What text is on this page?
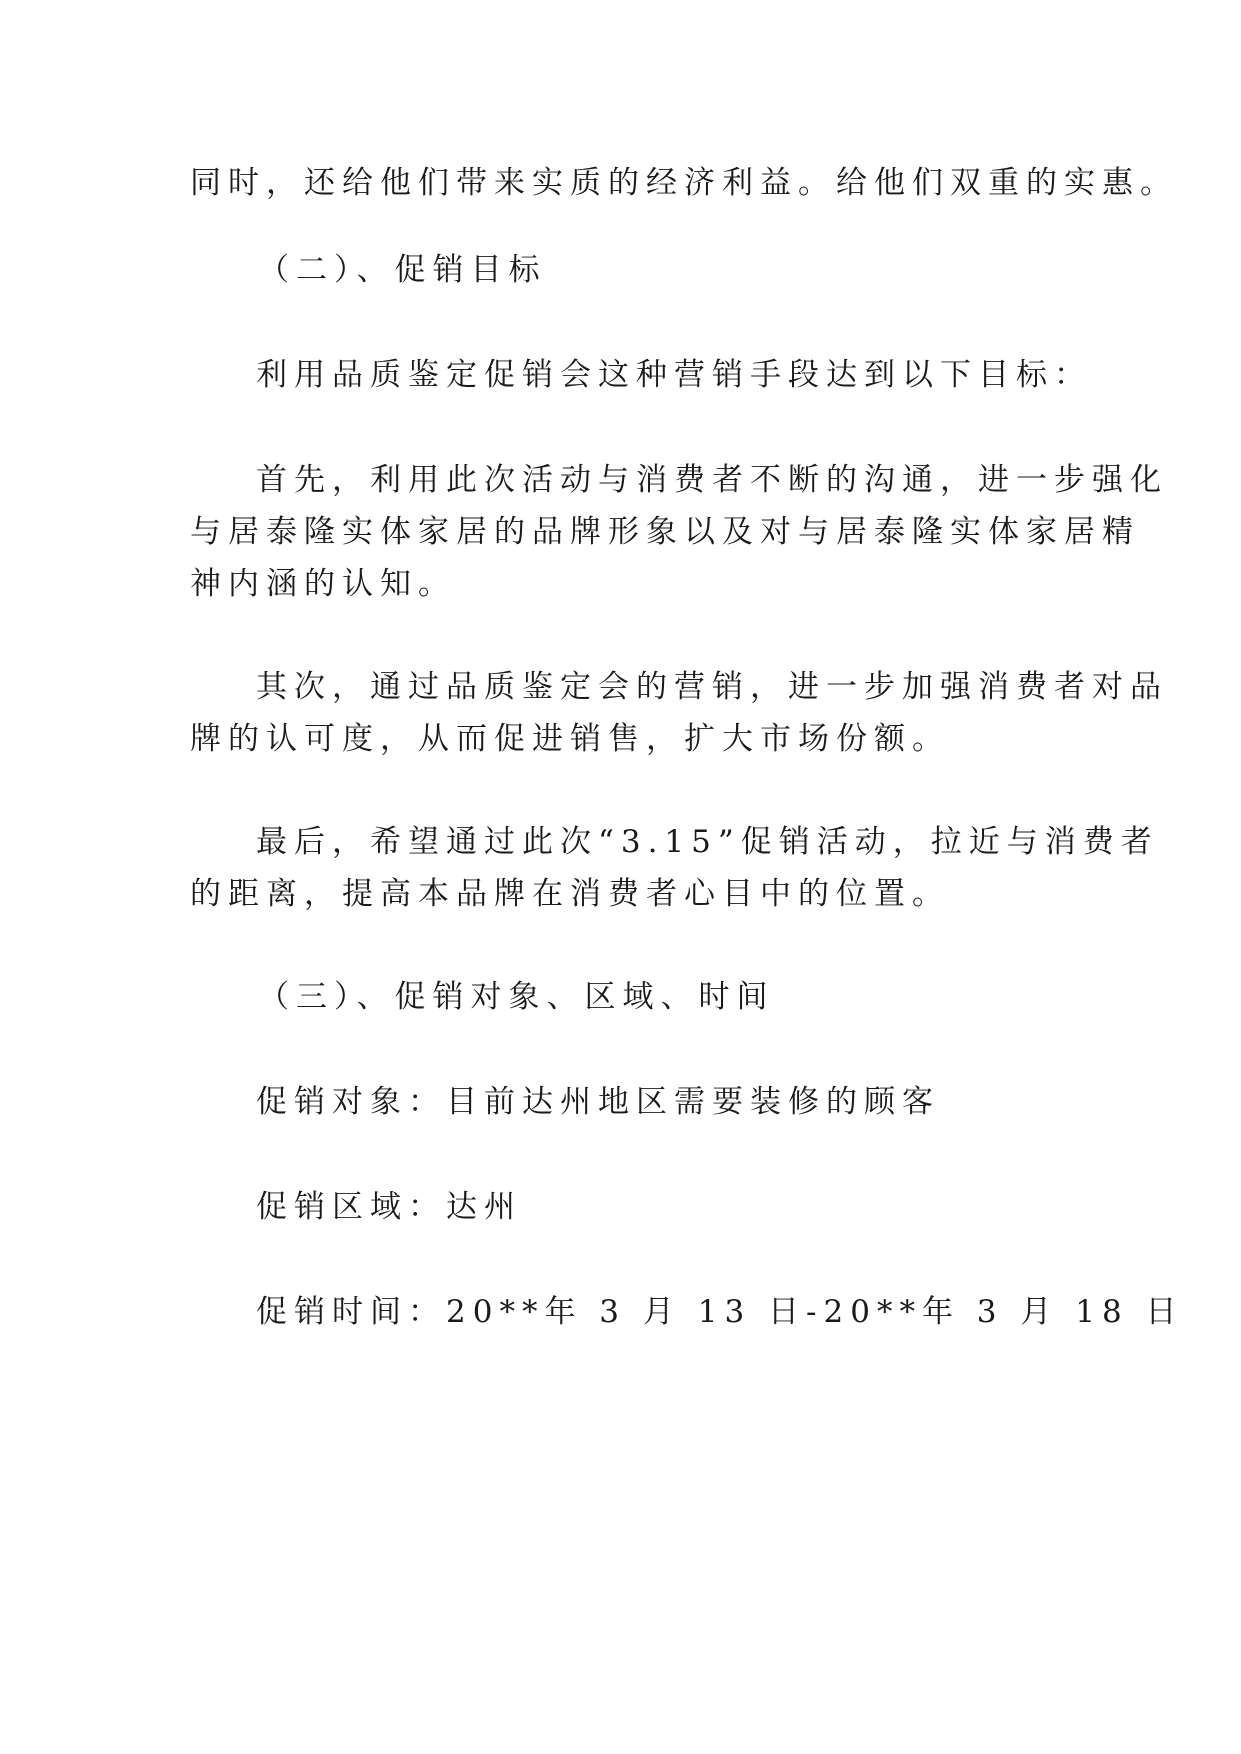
同时，还给他们带来实质的经济利益。给他们双重的实惠。

（二）、促销目标

利用品质鉴定促销会这种营销手段达到以下目标：

首先，利用此次活动与消费者不断的沟通，进一步强化

与居泰隆实体家居的品牌形象以及对与居泰隆实体家居精

神内涵的认知。

其次，通过品质鉴定会的营销，进一步加强消费者对品

牌的认可度，从而促进销售，扩大市场份额。

最后，希望通过此次“3.15”促销活动，拉近与消费者

的距离，提高本品牌在消费者心目中的位置。

（三）、促销对象、区域、时间

促销对象：目前达州地区需要装修的顾客

促销区域：达州

促销时间：20**年 3 月 13 日-20**年 3 月 18 日
